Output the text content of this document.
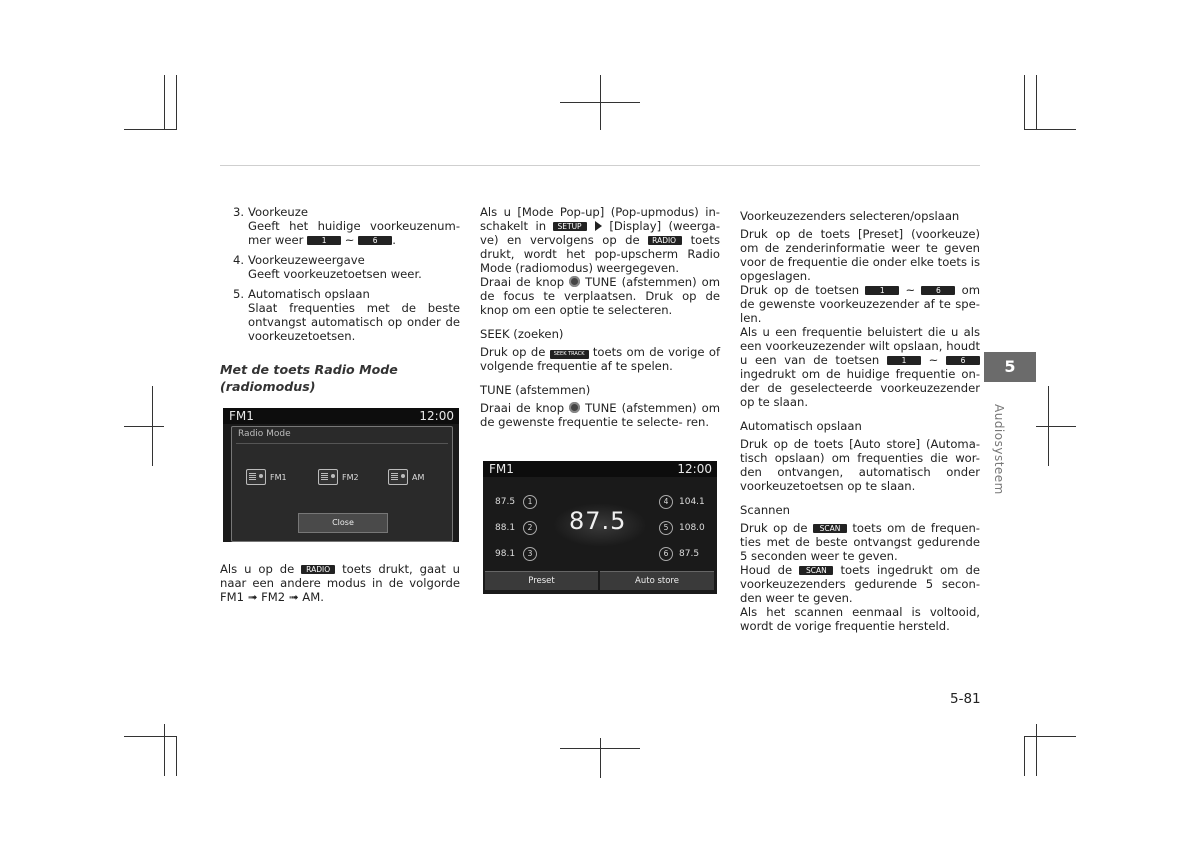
3. Voorkeuze

Geeft het huidige voorkeuzenum-

mer weer 1 ~ 6 .

4. Voorkeuzeweergave

Geeft voorkeuzetoetsen weer.

5. Automatisch opslaan

Slaat frequenties met de beste ontvangst automatisch op onder de voorkeuzetoetsen.

Met de toets Radio Mode
(radiomodus)
FM1	12:00
Radio Mode
FM1	FM2	AM
Close

Als u op de RADIO toets drukt, gaat u naar een andere modus in de volgorde FM1 ➟ FM2 ➟ AM.

Als u [Mode Pop-up] (Pop-upmodus) in-

schakelt in SETUP [Display] (weerga-

ve) en vervolgens op de RADIO toets

drukt, wordt het pop-upscherm Radio Mode (radiomodus) weergegeven.

Draai de knop TUNE (afstemmen) om de focus te verplaatsen. Druk op de knop om een optie te selecteren.

SEEK (zoeken)

Druk op de SEEK TRACK toets om de vorige of volgende frequentie af te spelen.

TUNE (afstemmen)

Draai de knop TUNE (afstemmen) om de gewenste frequentie te selecte- ren.

FM1	12:00
87.5
87.5	1
88.1	2
98.1	3
4	104.1
5	108.0
6	87.5
Preset	Auto store

Voorkeuzezenders selecteren/opslaan

Druk op de toets [Preset] (voorkeuze) om de zenderinformatie weer te geven voor de frequentie die onder elke toets is opgeslagen.

Druk op de toetsen	1 ~	6 om de gewenste voorkeuzezender af te spe- len.

Als u een frequentie beluistert die u als een voorkeuzezender wilt opslaan, houdt u een van de toetsen	1 ~	6 ingedrukt om de huidige frequentie on- der de geselecteerde voorkeuzezender op te slaan.

Automatisch opslaan

Druk op de toets [Auto store] (Automa- tisch opslaan) om frequenties die wor- den ontvangen, automatisch onder voorkeuzetoetsen op te slaan.

Scannen

Druk op de SCAN toets om de frequen- ties met de beste ontvangst gedurende 5 seconden weer te geven.

Houd de SCAN toets ingedrukt om de voorkeuzezenders gedurende 5 secon- den weer te geven.

Als het scannen eenmaal is voltooid, wordt de vorige frequentie hersteld.

5
Audiosysteem
5-81
